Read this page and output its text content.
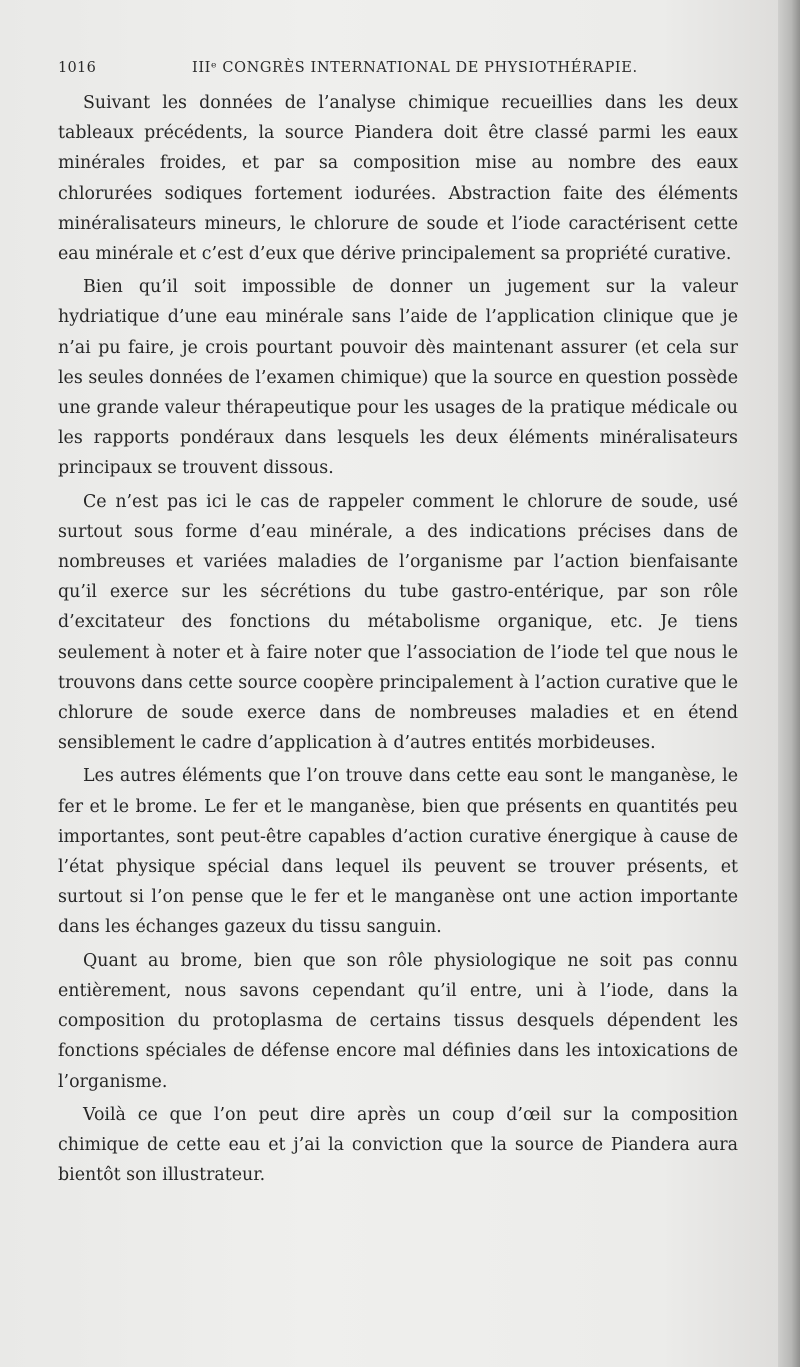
1016	IIIᵉ CONGRÈS INTERNATIONAL DE PHYSIOTHÉRAPIE.

Suivant les données de l’analyse chimique recueillies dans les deux tableaux précédents, la source Piandera doit être classé parmi les eaux minérales froides, et par sa composition mise au nombre des eaux chlorurées sodiques fortement iodurées. Abstraction faite des éléments minéralisateurs mineurs, le chlorure de soude et l’iode caractérisent cette eau minérale et c’est d’eux que dérive principalement sa propriété curative.

Bien qu’il soit impossible de donner un jugement sur la valeur hydriatique d’une eau minérale sans l’aide de l’application clinique que je n’ai pu faire, je crois pourtant pouvoir dès maintenant assurer (et cela sur les seules données de l’examen chimique) que la source en question possède une grande valeur thérapeutique pour les usages de la pratique médicale ou les rapports pondéraux dans lesquels les deux éléments minéralisateurs principaux se trouvent dissous.

Ce n’est pas ici le cas de rappeler comment le chlorure de soude, usé surtout sous forme d’eau minérale, a des indications précises dans de nombreuses et variées maladies de l’organisme par l’action bienfaisante qu’il exerce sur les sécrétions du tube gastro-entérique, par son rôle d’excitateur des fonctions du métabolisme organique, etc. Je tiens seulement à noter et à faire noter que l’association de l’iode tel que nous le trouvons dans cette source coopère principalement à l’action curative que le chlorure de soude exerce dans de nombreuses maladies et en étend sensiblement le cadre d’application à d’autres entités morbideuses.

Les autres éléments que l’on trouve dans cette eau sont le manganèse, le fer et le brome. Le fer et le manganèse, bien que présents en quantités peu importantes, sont peut-être capables d’action curative énergique à cause de l’état physique spécial dans lequel ils peuvent se trouver présents, et surtout si l’on pense que le fer et le manganèse ont une action importante dans les échanges gazeux du tissu sanguin.

Quant au brome, bien que son rôle physiologique ne soit pas connu entièrement, nous savons cependant qu’il entre, uni à l’iode, dans la composition du protoplasma de certains tissus desquels dépendent les fonctions spéciales de défense encore mal définies dans les intoxications de l’organisme.

Voilà ce que l’on peut dire après un coup d’œil sur la composition chimique de cette eau et j’ai la conviction que la source de Piandera aura bientôt son illustrateur.
